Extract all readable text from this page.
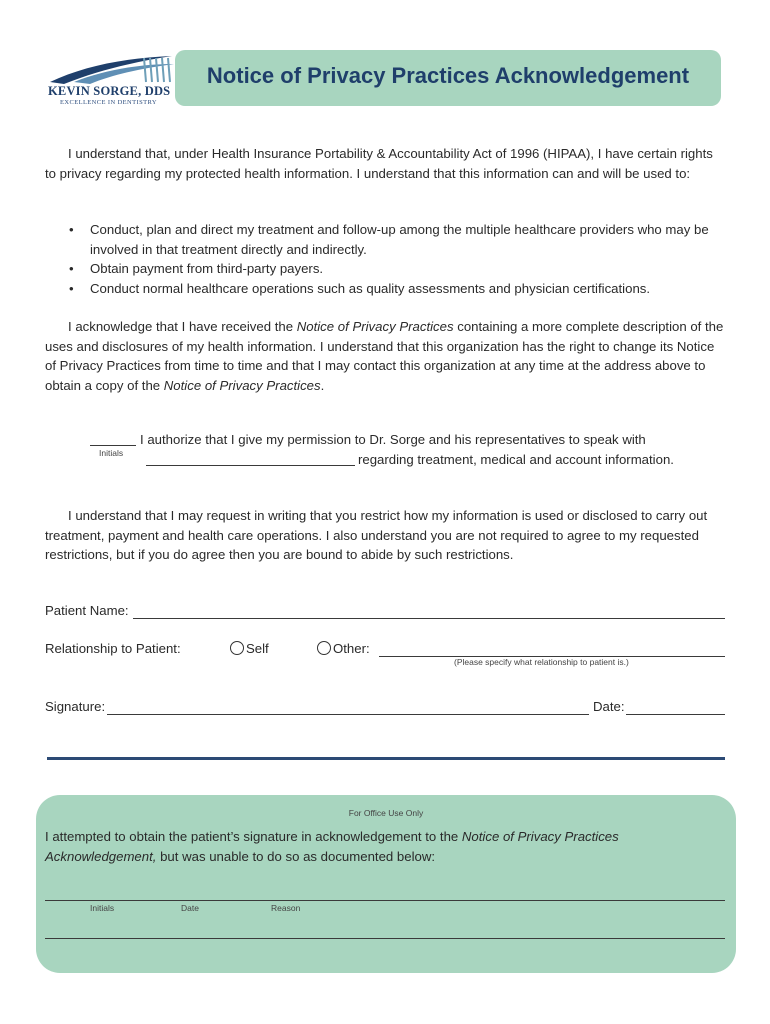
KEVIN SORGE, DDS
EXCELLENCE IN DENTISTRY
Notice of Privacy Practices Acknowledgement
I understand that, under Health Insurance Portability & Accountability Act of 1996 (HIPAA), I have certain rights to privacy regarding my protected health information. I understand that this information can and will be used to:
• Conduct, plan and direct my treatment and follow-up among the multiple healthcare providers who may be involved in that treatment directly and indirectly.
• Obtain payment from third-party payers.
• Conduct normal healthcare operations such as quality assessments and physician certifications.
I acknowledge that I have received the Notice of Privacy Practices containing a more complete description of the uses and disclosures of my health information. I understand that this organization has the right to change its Notice of Privacy Practices from time to time and that I may contact this organization at any time at the address above to obtain a copy of the Notice of Privacy Practices.
Initials
I authorize that I give my permission to Dr. Sorge and his representatives to speak with
regarding treatment, medical and account information.
I understand that I may request in writing that you restrict how my information is used or disclosed to carry out treatment, payment and health care operations. I also understand you are not required to agree to my requested restrictions, but if you do agree then you are bound to abide by such restrictions.
Patient Name:
Relationship to Patient:	Self	Other:
(Please specify what relationship to patient is.)
Signature:	Date:
For Office Use Only
I attempted to obtain the patient’s signature in acknowledgement to the Notice of Privacy Practices Acknowledgement, but was unable to do so as documented below:
Initials	Date	Reason
